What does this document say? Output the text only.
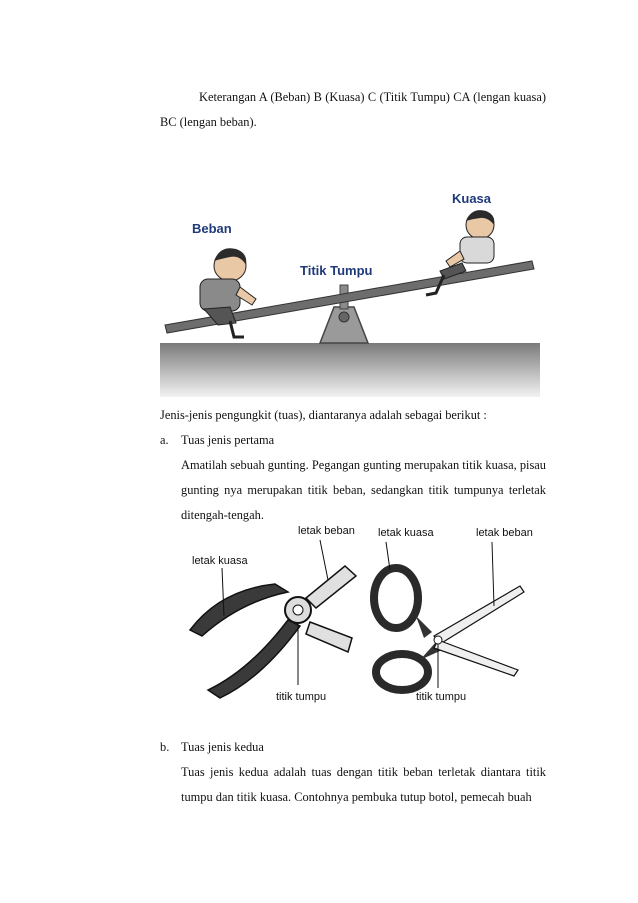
Keterangan A (Beban) B (Kuasa) C (Titik Tumpu) CA (lengan kuasa) BC (lengan beban).

Beban
Kuasa
Titik Tumpu

Jenis-jenis pengungkit (tuas), diantaranya adalah sebagai berikut :

a. Tuas jenis pertama

Amatilah sebuah gunting. Pegangan gunting merupakan titik kuasa, pisau gunting nya merupakan titik beban, sedangkan titik tumpunya terletak ditengah-tengah.

letak kuasa
letak beban
titik tumpu
letak kuasa	letak beban
titik tumpu
b. Tuas jenis kedua

Tuas jenis kedua adalah tuas dengan titik beban terletak diantara titik tumpu dan titik kuasa. Contohnya pembuka tutup botol, pemecah buah
